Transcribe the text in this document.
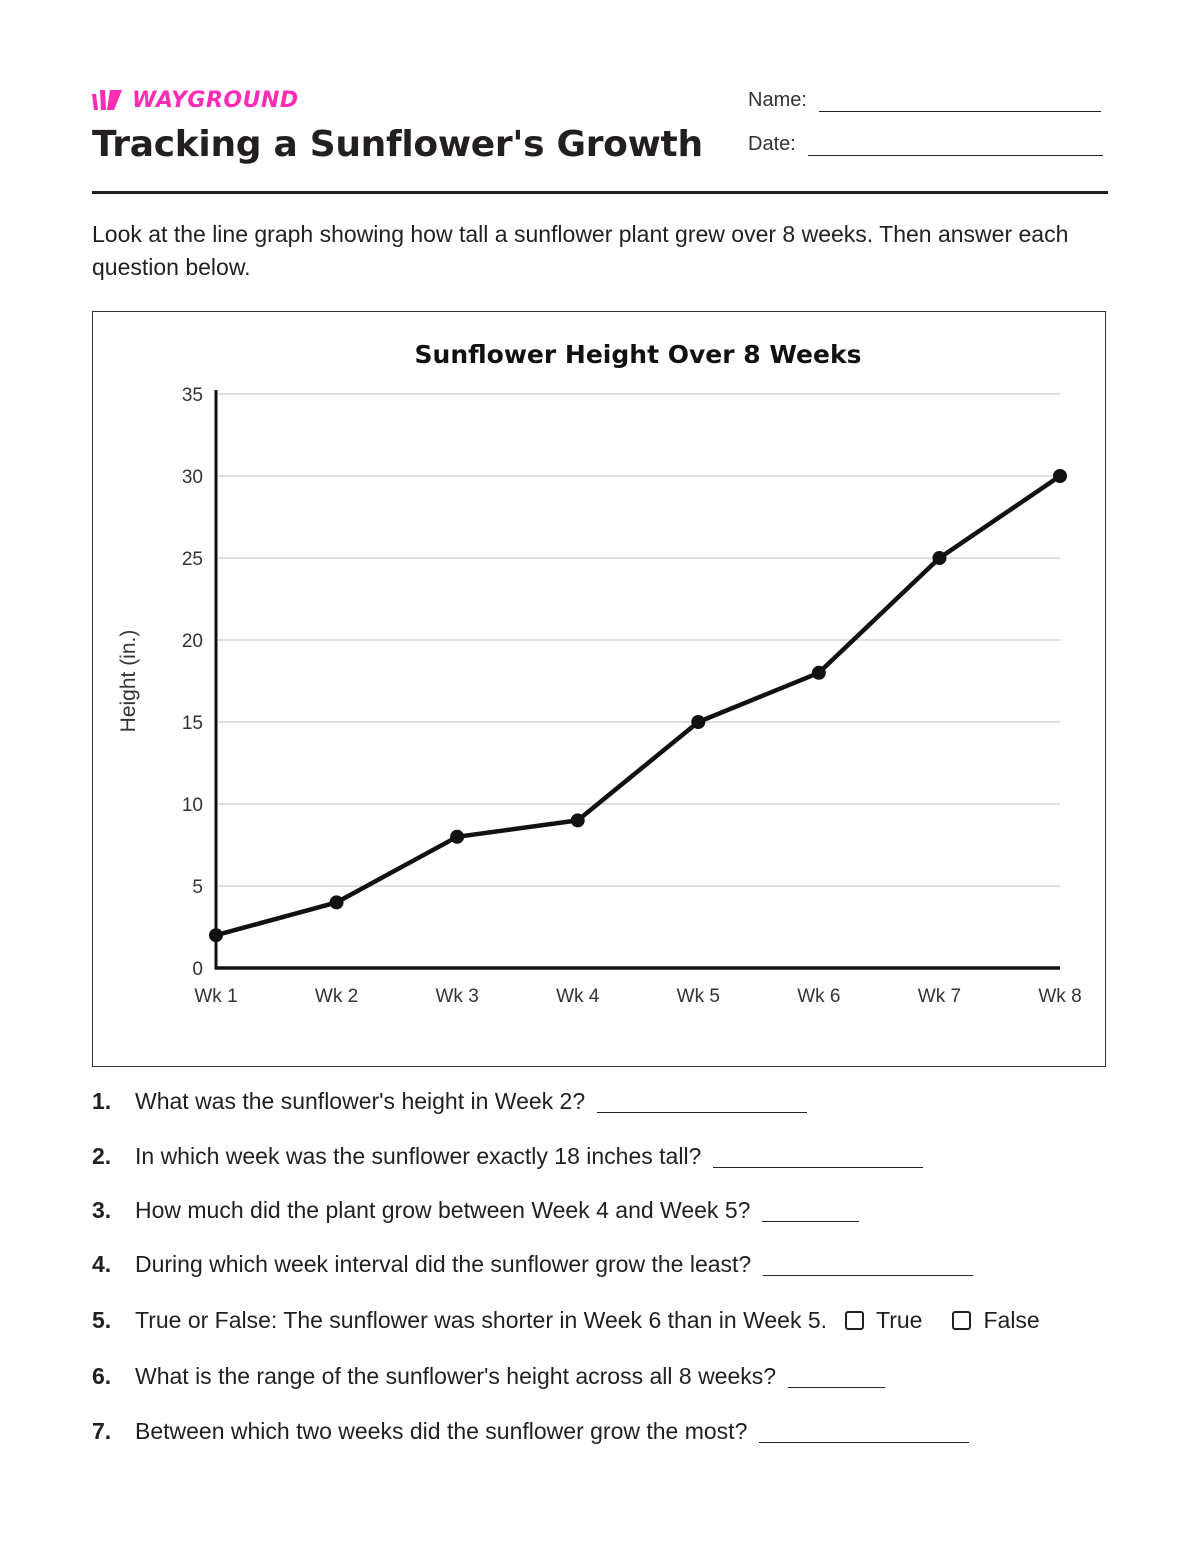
WAYGROUND
Tracking a Sunflower's Growth
Name:
Date:

Look at the line graph showing how tall a sunflower plant grew over 8 weeks. Then answer each question below.

Sunflower Height Over 8 Weeks
0
5
10
15
20
25
30
35
Height (in.)
Wk 1	Wk 2	Wk 3	Wk 4	Wk 5	Wk 6	Wk 7	Wk 8
1.	What was the sunflower's height in Week 2?
2.	In which week was the sunflower exactly 18 inches tall?
3.	How much did the plant grow between Week 4 and Week 5?
4.	During which week interval did the sunflower grow the least?
5.	True or False: The sunflower was shorter in Week 6 than in Week 5. True	False
6.	What is the range of the sunflower's height across all 8 weeks?
7.	Between which two weeks did the sunflower grow the most?
